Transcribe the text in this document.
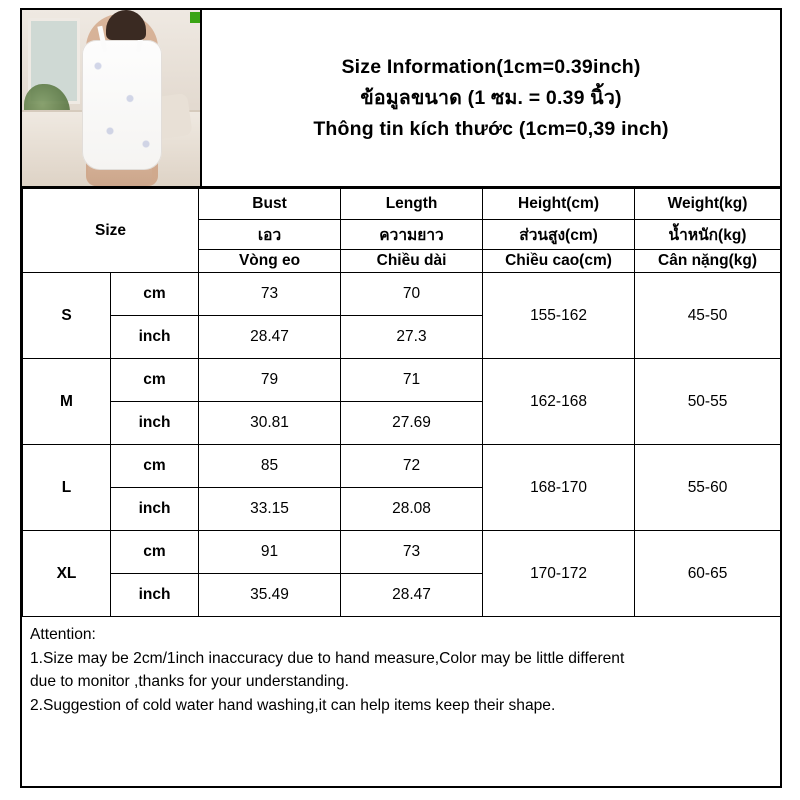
Size Information(1cm=0.39inch)
ข้อมูลขนาด (1 ซม. = 0.39 นิ้ว)
Thông tin kích thước (1cm=0,39 inch)
Size		Bust	Length	Height(cm)	Weight(kg)
		เอว	ความยาว	ส่วนสูง(cm)	น้ำหนัก(kg)
		Vòng eo	Chiều dài	Chiều cao(cm)	Cân nặng(kg)
S	cm	73	70	155-162	45-50
	inch	28.47	27.3		
M	cm	79	71	162-168	50-55
	inch	30.81	27.69		
L	cm	85	72	168-170	55-60
	inch	33.15	28.08		
XL	cm	91	73	170-172	60-65
	inch	35.49	28.47		

Attention:

1.Size may be 2cm/1inch inaccuracy due to hand measure,Color may be little different

due to monitor ,thanks for your understanding.

2.Suggestion of cold water hand washing,it can help items keep their shape.
